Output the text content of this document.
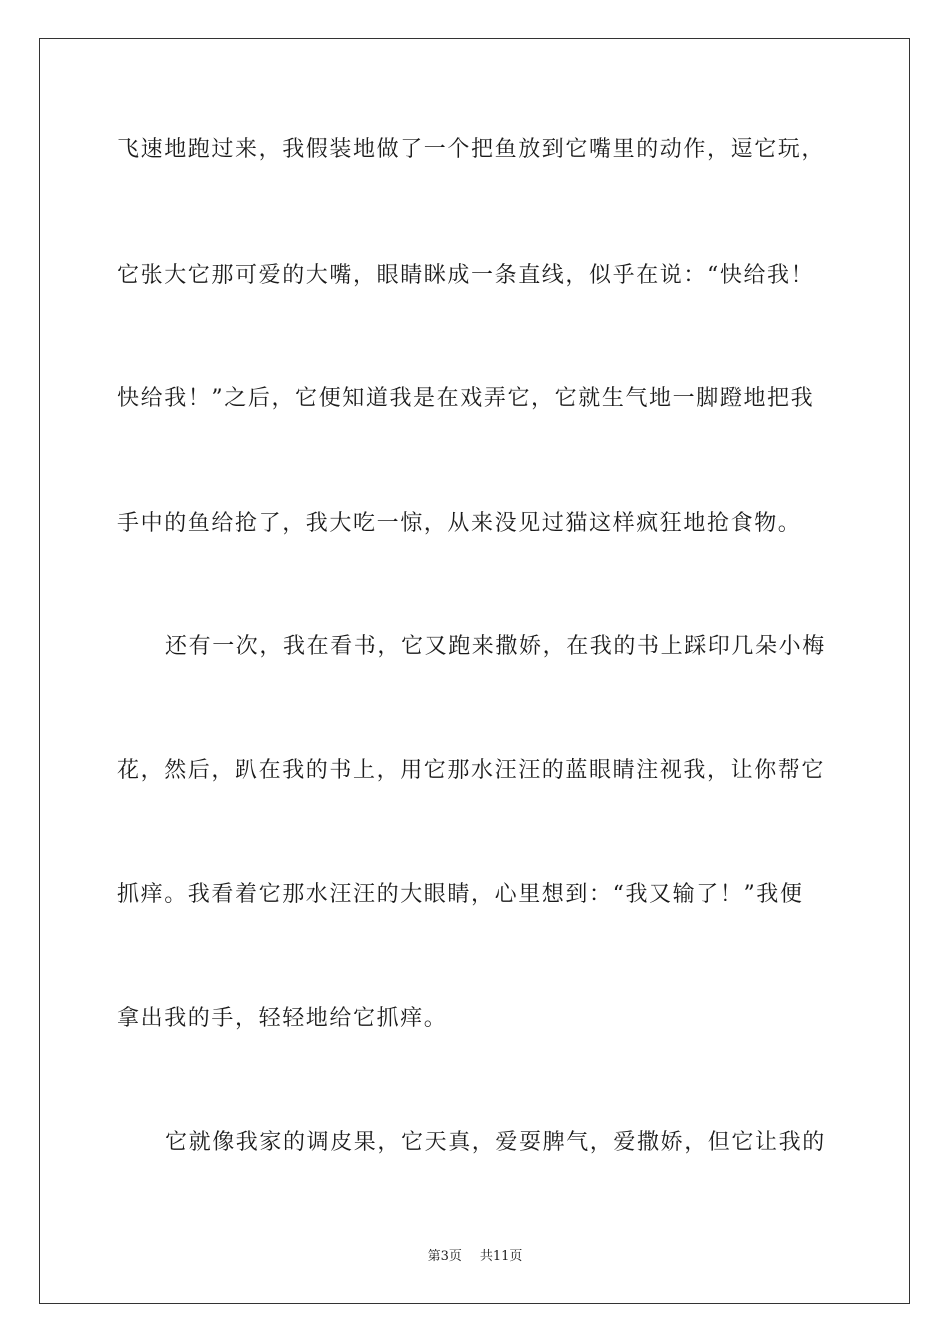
飞速地跑过来，我假装地做了一个把鱼放到它嘴里的动作，逗它玩，
它张大它那可爱的大嘴，眼睛眯成一条直线，似乎在说：“快给我！
快给我！”之后，它便知道我是在戏弄它，它就生气地一脚蹬地把我
手中的鱼给抢了，我大吃一惊，从来没见过猫这样疯狂地抢食物。
还有一次，我在看书，它又跑来撒娇，在我的书上踩印几朵小梅
花，然后，趴在我的书上，用它那水汪汪的蓝眼睛注视我，让你帮它
抓痒。我看着它那水汪汪的大眼睛，心里想到：“我又输了！”我便
拿出我的手，轻轻地给它抓痒。
它就像我家的调皮果，它天真，爱耍脾气，爱撒娇，但它让我的
第3页 共11页
